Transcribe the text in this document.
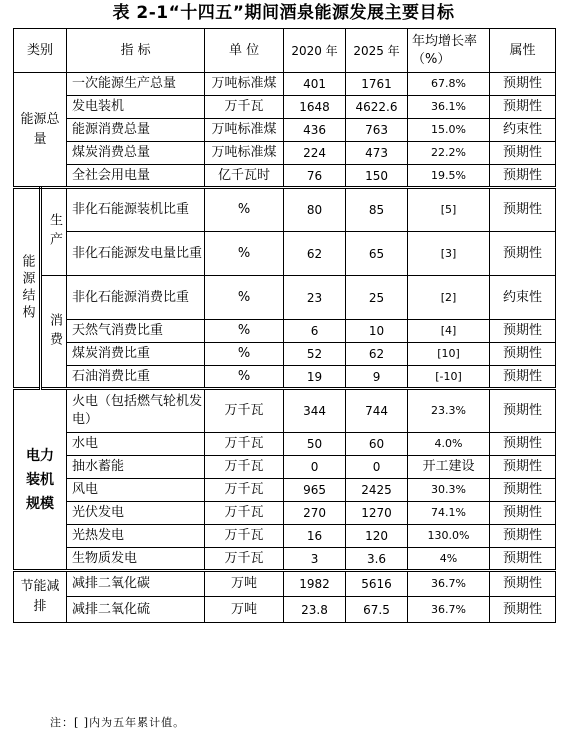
表 2-1“十四五”期间酒泉能源发展主要目标
类别		指 标	单 位	2020 年	2025 年	年均增长率（%）	属性
能源总量		一次能源生产总量	万吨标准煤	401	1761	67.8%	预期性
		发电装机	万千瓦	1648	4622.6	36.1%	预期性
		能源消费总量	万吨标准煤	436	763	15.0%	约束性
		煤炭消费总量	万吨标准煤	224	473	22.2%	预期性
		全社会用电量	亿千瓦时	76	150	19.5%	预期性
能源结构	生产	非化石能源装机比重	%	80	85	[5]	预期性
		非化石能源发电量比重	%	62	65	[3]	预期性
	消费	非化石能源消费比重	%	23	25	[2]	约束性
		天然气消费比重	%	6	10	[4]	预期性
		煤炭消费比重	%	52	62	[10]	预期性
		石油消费比重	%	19	9	[-10]	预期性
电力装机规模		火电（包括燃气轮机发电）	万千瓦	344	744	23.3%	预期性
		水电	万千瓦	50	60	4.0%	预期性
		抽水蓄能	万千瓦	0	0	开工建设	预期性
		风电	万千瓦	965	2425	30.3%	预期性
		光伏发电	万千瓦	270	1270	74.1%	预期性
		光热发电	万千瓦	16	120	130.0%	预期性
		生物质发电	万千瓦	3	3.6	4%	预期性
节能减排		减排二氧化碳	万吨	1982	5616	36.7%	预期性
		减排二氧化硫	万吨	23.8	67.5	36.7%	预期性
注：[ ]内为五年累计值。
